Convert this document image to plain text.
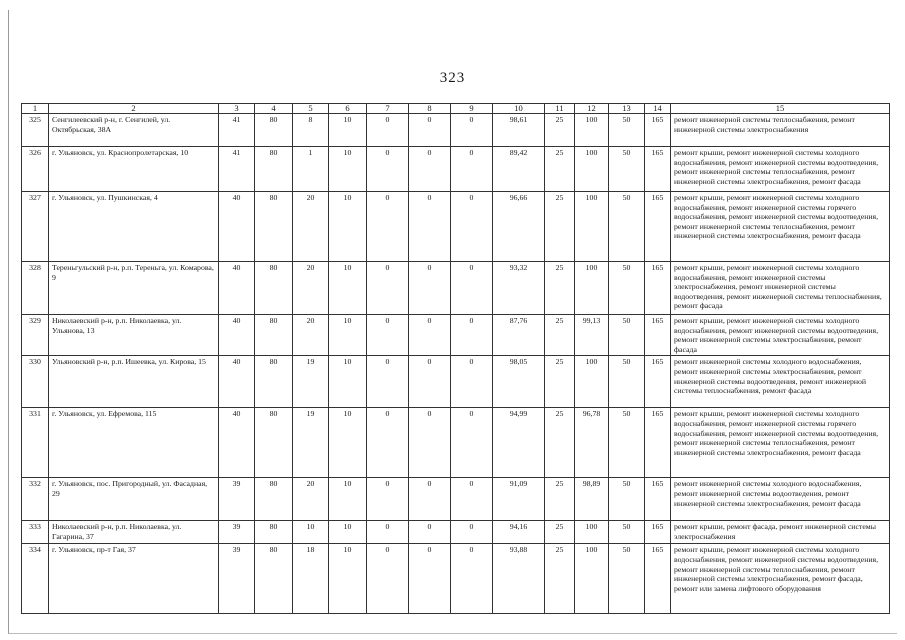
323
1	2	3	4	5	6	7	8	9	10	11	12	13	14	15
325	Сенгилеевский р-н, г. Сенгилей, ул. Октябрьская, 38А	41	80	8	10	0	0	0	98,61	25	100	50	165	ремонт инженерной системы теплоснабжения, ремонт инженерной системы электроснабжения
326	г. Ульяновск, ул. Краснопролетарская, 10	41	80	1	10	0	0	0	89,42	25	100	50	165	ремонт крыши, ремонт инженерной системы холодного водоснабжения, ремонт инженерной системы водоотведения, ремонт инженерной системы теплоснабжения, ремонт инженерной системы электроснабжения, ремонт фасада
327	г. Ульяновск, ул. Пушкинская, 4	40	80	20	10	0	0	0	96,66	25	100	50	165	ремонт крыши, ремонт инженерной системы холодного водоснабжения, ремонт инженерной системы горячего водоснабжения, ремонт инженерной системы водоотведения, ремонт инженерной системы теплоснабжения, ремонт инженерной системы электроснабжения, ремонт фасада
328	Тереньгульский р-н, р.п. Тереньга, ул. Комарова, 9	40	80	20	10	0	0	0	93,32	25	100	50	165	ремонт крыши, ремонт инженерной системы холодного водоснабжения, ремонт инженерной системы электроснабжения, ремонт инженерной системы водоотведения, ремонт инженерной системы теплоснабжения, ремонт фасада
329	Николаевский р-н, р.п. Николаевка, ул. Ульянова, 13	40	80	20	10	0	0	0	87,76	25	99,13	50	165	ремонт крыши, ремонт инженерной системы холодного водоснабжения, ремонт инженерной системы водоотведения, ремонт инженерной системы электроснабжения, ремонт фасада
330	Ульяновский р-н, р.п. Ишеевка, ул. Кирова, 15	40	80	19	10	0	0	0	98,05	25	100	50	165	ремонт инженерной системы холодного водоснабжения, ремонт инженерной системы электроснабжения, ремонт инженерной системы водоотведения, ремонт инженерной системы теплоснабжения, ремонт фасада
331	г. Ульяновск, ул. Ефремова, 115	40	80	19	10	0	0	0	94,99	25	96,78	50	165	ремонт крыши, ремонт инженерной системы холодного водоснабжения, ремонт инженерной системы горячего водоснабжения, ремонт инженерной системы водоотведения, ремонт инженерной системы теплоснабжения, ремонт инженерной системы электроснабжения, ремонт фасада
332	г. Ульяновск, пос. Пригородный, ул. Фасадная, 29	39	80	20	10	0	0	0	91,09	25	98,89	50	165	ремонт инженерной системы холодного водоснабжения, ремонт инженерной системы водоотведения, ремонт инженерной системы электроснабжения, ремонт фасада
333	Николаевский р-н, р.п. Николаевка, ул. Гагарина, 37	39	80	10	10	0	0	0	94,16	25	100	50	165	ремонт крыши, ремонт фасада, ремонт инженерной системы электроснабжения
334	г. Ульяновск, пр-т Гая, 37	39	80	18	10	0	0	0	93,88	25	100	50	165	ремонт крыши, ремонт инженерной системы холодного водоснабжения, ремонт инженерной системы водоотведения, ремонт инженерной системы теплоснабжения, ремонт инженерной системы электроснабжения, ремонт фасада, ремонт или замена лифтового оборудования
